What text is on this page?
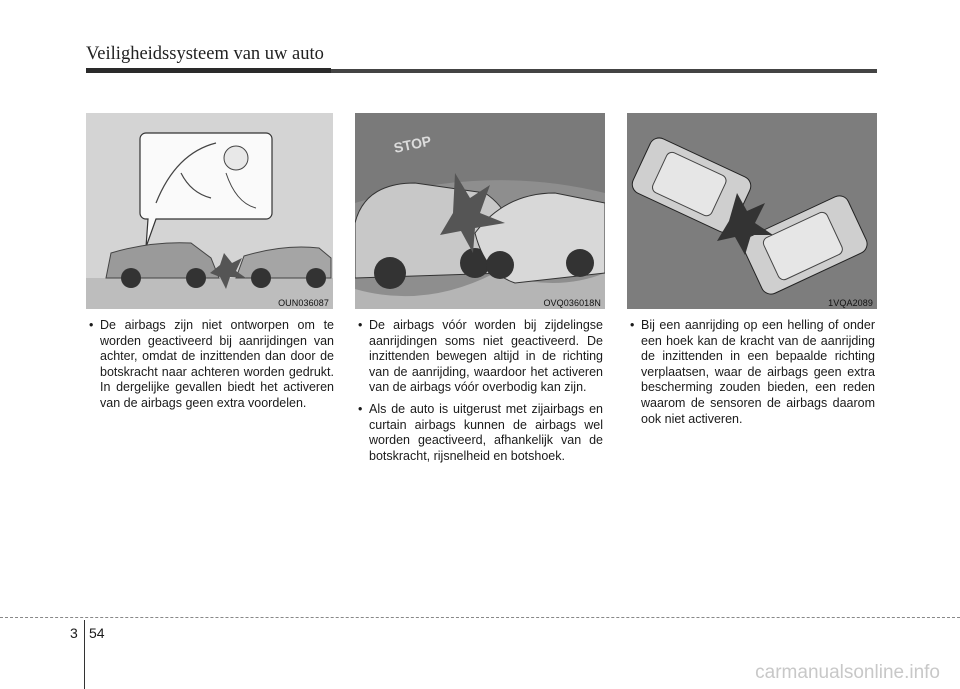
Veiligheidssysteem van uw auto
OUN036087
STOP
OVQ036018N	1VQA2089
• De airbags zijn niet ontworpen om te worden geactiveerd bij aanrijdingen van achter, omdat de inzittenden dan door de botskracht naar achteren worden gedrukt. In dergelijke gevallen biedt het activeren van de airbags geen extra voordelen.
• De airbags vóór worden bij zijdelingse aanrijdingen soms niet geactiveerd. De inzittenden bewegen altijd in de richting van de aanrijding, waardoor het activeren van de airbags vóór overbodig kan zijn.
• Als de auto is uitgerust met zijairbags en curtain airbags kunnen de airbags wel worden geactiveerd, afhankelijk van de botskracht, rijsnelheid en botshoek.
• Bij een aanrijding op een helling of onder een hoek kan de kracht van de aanrijding de inzittenden in een bepaalde richting verplaatsen, waar de airbags geen extra bescherming zouden bieden, een reden waarom de sensoren de airbags daarom ook niet activeren.
3 54
carmanualsonline.info
